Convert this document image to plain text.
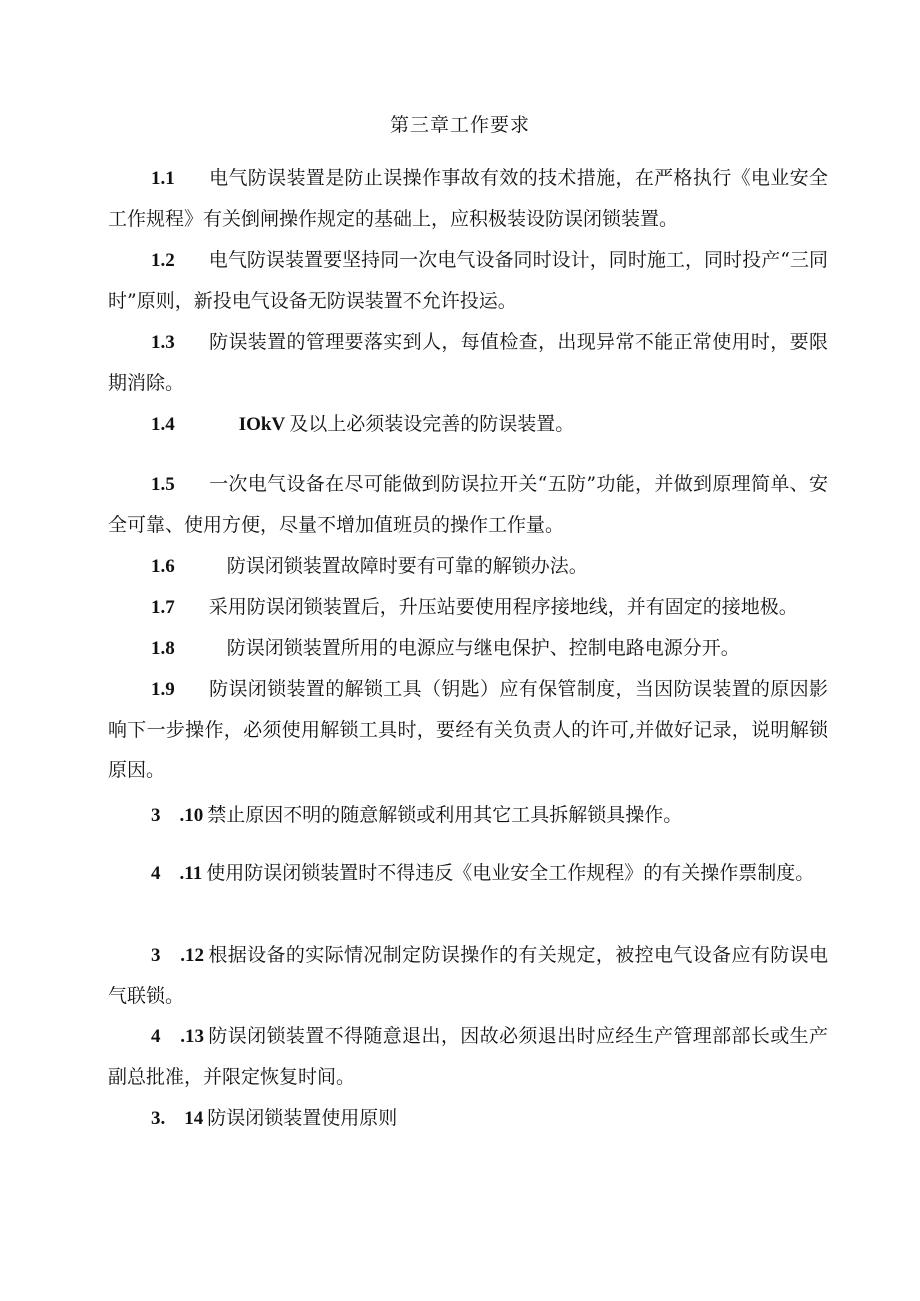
第三章工作要求
1.1 电气防误装置是防止误操作事故有效的技术措施，在严格执行《电业安全工作规程》有关倒闸操作规定的基础上，应积极装设防误闭锁装置。
1.2 电气防误装置要坚持同一次电气设备同时设计，同时施工，同时投产“三同时”原则，新投电气设备无防误装置不允许投运。
1.3 防误装置的管理要落实到人，每值检查，出现异常不能正常使用时，要限期消除。
1.4	IOkV 及以上必须装设完善的防误装置。
1.5 一次电气设备在尽可能做到防误拉开关“五防”功能，并做到原理简单、安全可靠、使用方便，尽量不增加值班员的操作工作量。
1.6	防误闭锁装置故障时要有可靠的解锁办法。
1.7 采用防误闭锁装置后，升压站要使用程序接地线，并有固定的接地极。
1.8	防误闭锁装置所用的电源应与继电保护、控制电路电源分开。
1.9 防误闭锁装置的解锁工具（钥匙）应有保管制度，当因防误装置的原因影响下一步操作，必须使用解锁工具时，要经有关负责人的许可,并做好记录，说明解锁原因。
3　.10 禁止原因不明的随意解锁或利用其它工具拆解锁具操作。
4　.11 使用防误闭锁装置时不得违反《电业安全工作规程》的有关操作票制度。
3　.12 根据设备的实际情况制定防误操作的有关规定，被控电气设备应有防误电气联锁。
4　.13 防误闭锁装置不得随意退出，因故必须退出时应经生产管理部部长或生产副总批准，并限定恢复时间。
3.　14 防误闭锁装置使用原则
